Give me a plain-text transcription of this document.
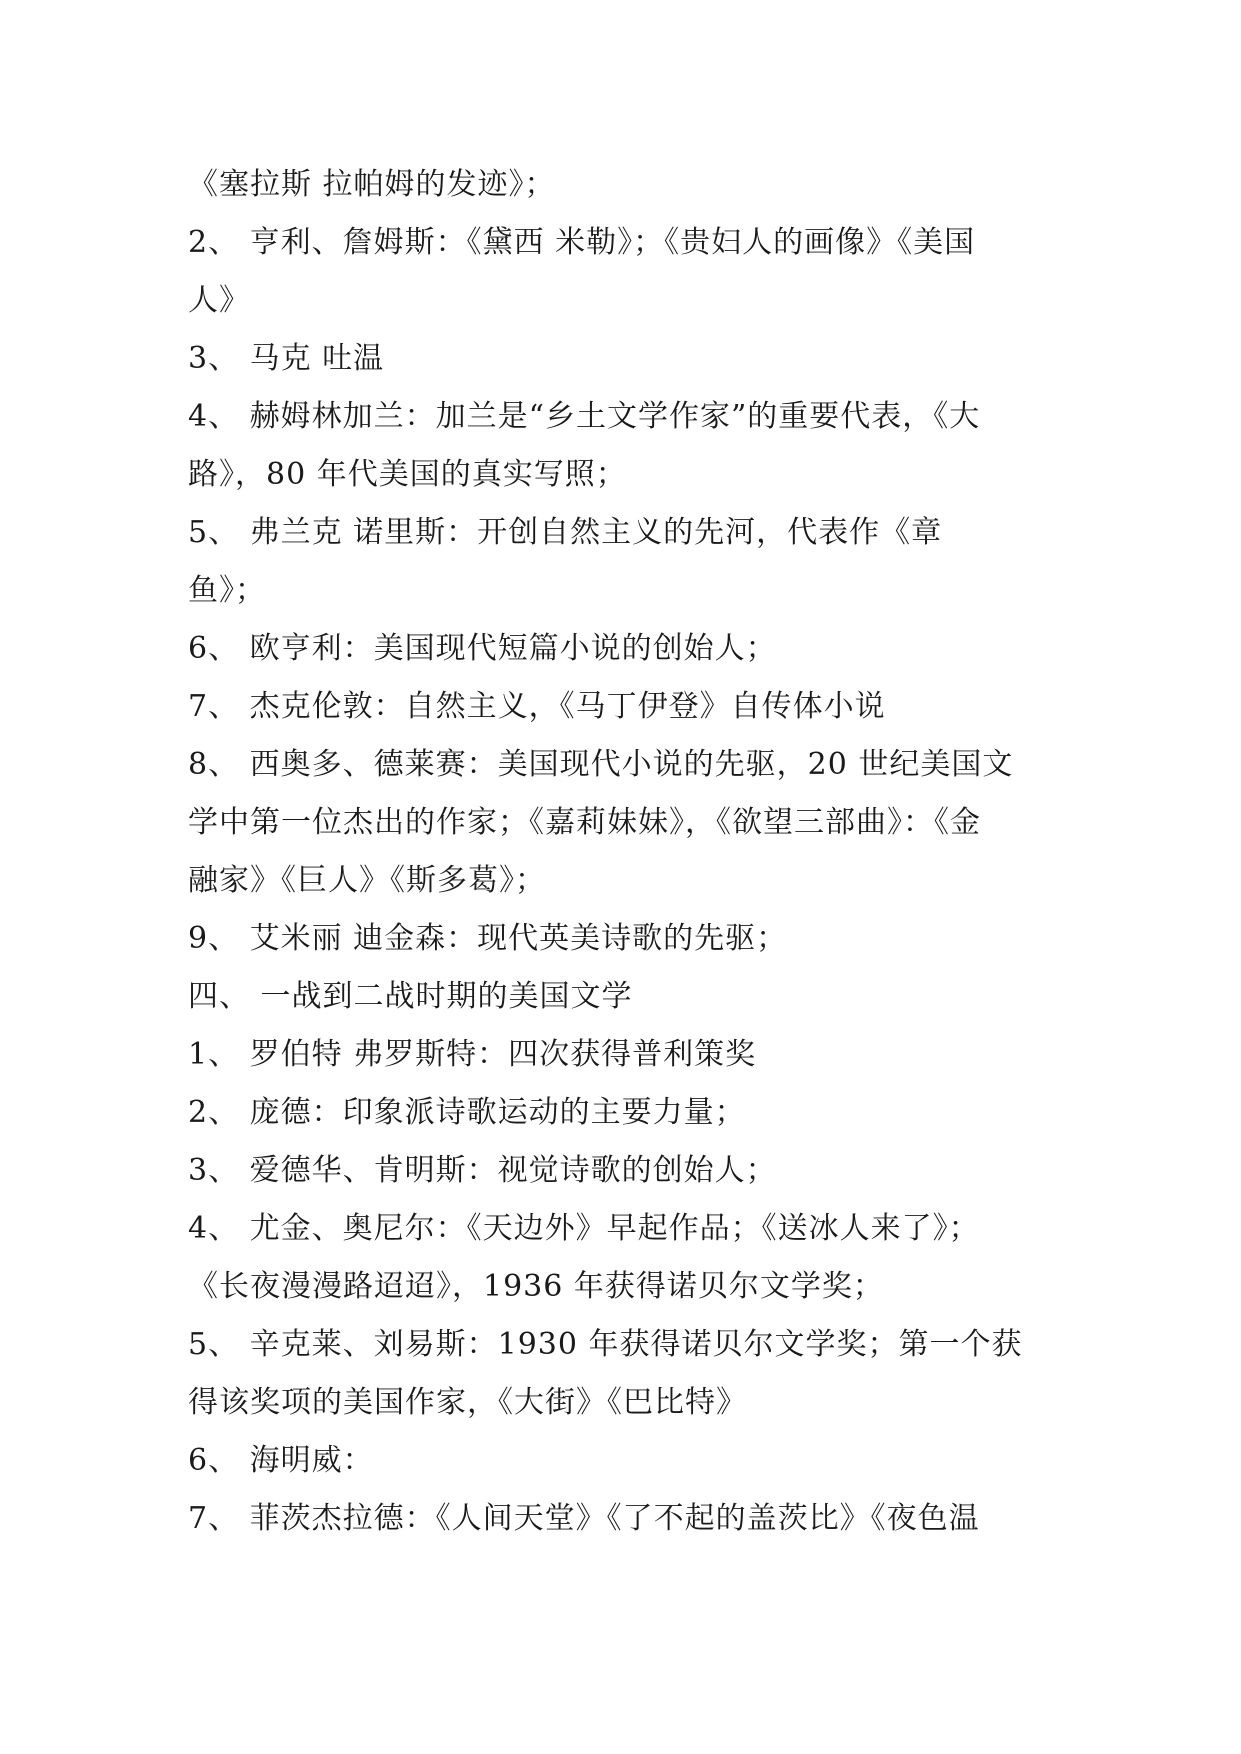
《塞拉斯 拉帕姆的发迹》；
2、 亨利、詹姆斯：《黛西 米勒》；《贵妇人的画像》《美国
人》
3、 马克 吐温
4、 赫姆林加兰：加兰是“乡土文学作家”的重要代表，《大
路》，80 年代美国的真实写照；
5、 弗兰克 诺里斯：开创自然主义的先河，代表作《章
鱼》；
6、 欧亨利：美国现代短篇小说的创始人；
7、 杰克伦敦：自然主义，《马丁伊登》自传体小说
8、 西奥多、德莱赛：美国现代小说的先驱，20 世纪美国文
学中第一位杰出的作家；《嘉莉妹妹》，《欲望三部曲》：《金
融家》《巨人》《斯多葛》；
9、 艾米丽 迪金森：现代英美诗歌的先驱；
四、 一战到二战时期的美国文学
1、 罗伯特 弗罗斯特：四次获得普利策奖
2、 庞德：印象派诗歌运动的主要力量；
3、 爱德华、肯明斯：视觉诗歌的创始人；
4、 尤金、奥尼尔：《天边外》早起作品；《送冰人来了》；
《长夜漫漫路迢迢》，1936 年获得诺贝尔文学奖；
5、 辛克莱、刘易斯：1930 年获得诺贝尔文学奖；第一个获
得该奖项的美国作家，《大街》《巴比特》
6、 海明威：
7、 菲茨杰拉德：《人间天堂》《了不起的盖茨比》《夜色温
